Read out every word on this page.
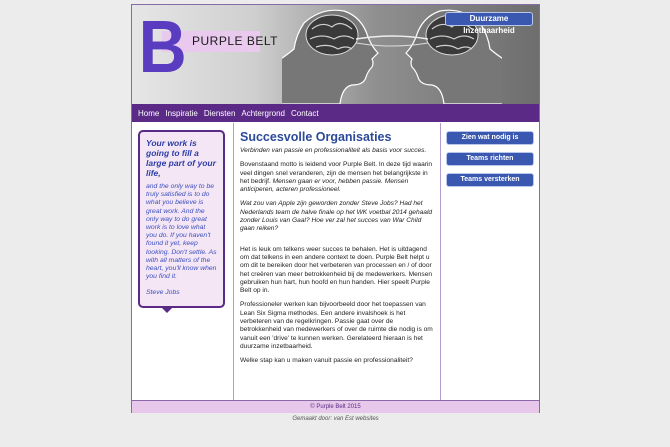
B PURPLE BELT
Duurzame Inzetbaarheid
Home Inspiratie Diensten Achtergrond Contact
Your work is going to fill a large part of your life,
and the only way to be truly satisfied is to do what you believe is great work. And the only way to do great work is to love what you do. If you haven't found it yet, keep looking. Don't settle. As with all matters of the heart, you'll know when you find it.
Steve Jobs
Succesvolle Organisaties

Verbinden van passie en professionaliteit als basis voor succes.

Bovenstaand motto is leidend voor Purple Belt. In deze tijd waarin veel dingen snel veranderen, zijn de mensen het belangrijkste in het bedrijf. Mensen gaan er voor, hebben passie. Mensen anticiperen, acteren professioneel.

Wat zou van Apple zijn geworden zonder Steve Jobs? Had het Nederlands team de halve finale op het WK voetbal 2014 gehaald zonder Louis van Gaal? Hoe ver zal het succes van War Child gaan reiken?

Het is leuk om telkens weer succes te behalen. Het is uitdagend om dat telkens in een andere context te doen. Purple Belt helpt u om dit te bereiken door het verbeteren van processen en / of door het creëren van meer betrokkenheid bij de medewerkers. Mensen gebruiken hun hart, hun hoofd en hun handen. Hier speelt Purple Belt op in.

Professioneler werken kan bijvoorbeeld door het toepassen van Lean Six Sigma methodes. Een andere invalshoek is het verbeteren van de regelkringen. Passie gaat over de betrokkenheid van medewerkers of over de ruimte die nodig is om vanuit een 'drive' te kunnen werken. Gerelateerd hieraan is het duurzame inzetbaarheid.

Welke stap kan u maken vanuit passie en professionaliteit?

Zien wat nodig is
Teams richten
Teams versterken
© Purple Belt 2015
Gemaakt door: van Est websites
